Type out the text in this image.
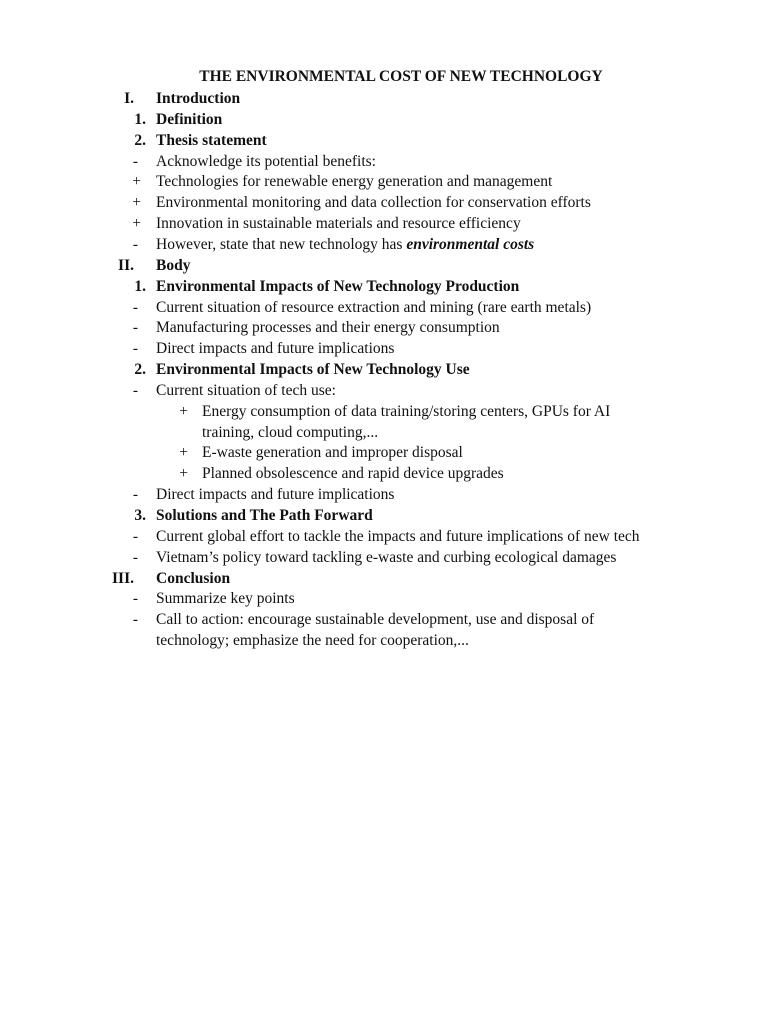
THE ENVIRONMENTAL COST OF NEW TECHNOLOGY
I. Introduction
1. Definition
2. Thesis statement
- Acknowledge its potential benefits:
+ Technologies for renewable energy generation and management
+ Environmental monitoring and data collection for conservation efforts
+ Innovation in sustainable materials and resource efficiency
- However, state that new technology has environmental costs
II. Body
1. Environmental Impacts of New Technology Production
- Current situation of resource extraction and mining (rare earth metals)
- Manufacturing processes and their energy consumption
- Direct impacts and future implications
2. Environmental Impacts of New Technology Use
- Current situation of tech use:
+ Energy consumption of data training/storing centers, GPUs for AI
training, cloud computing,...
+ E-waste generation and improper disposal
+ Planned obsolescence and rapid device upgrades
- Direct impacts and future implications
3. Solutions and The Path Forward
- Current global effort to tackle the impacts and future implications of new tech
- Vietnam’s policy toward tackling e-waste and curbing ecological damages
III. Conclusion
- Summarize key points
- Call to action: encourage sustainable development, use and disposal of
technology; emphasize the need for cooperation,...
